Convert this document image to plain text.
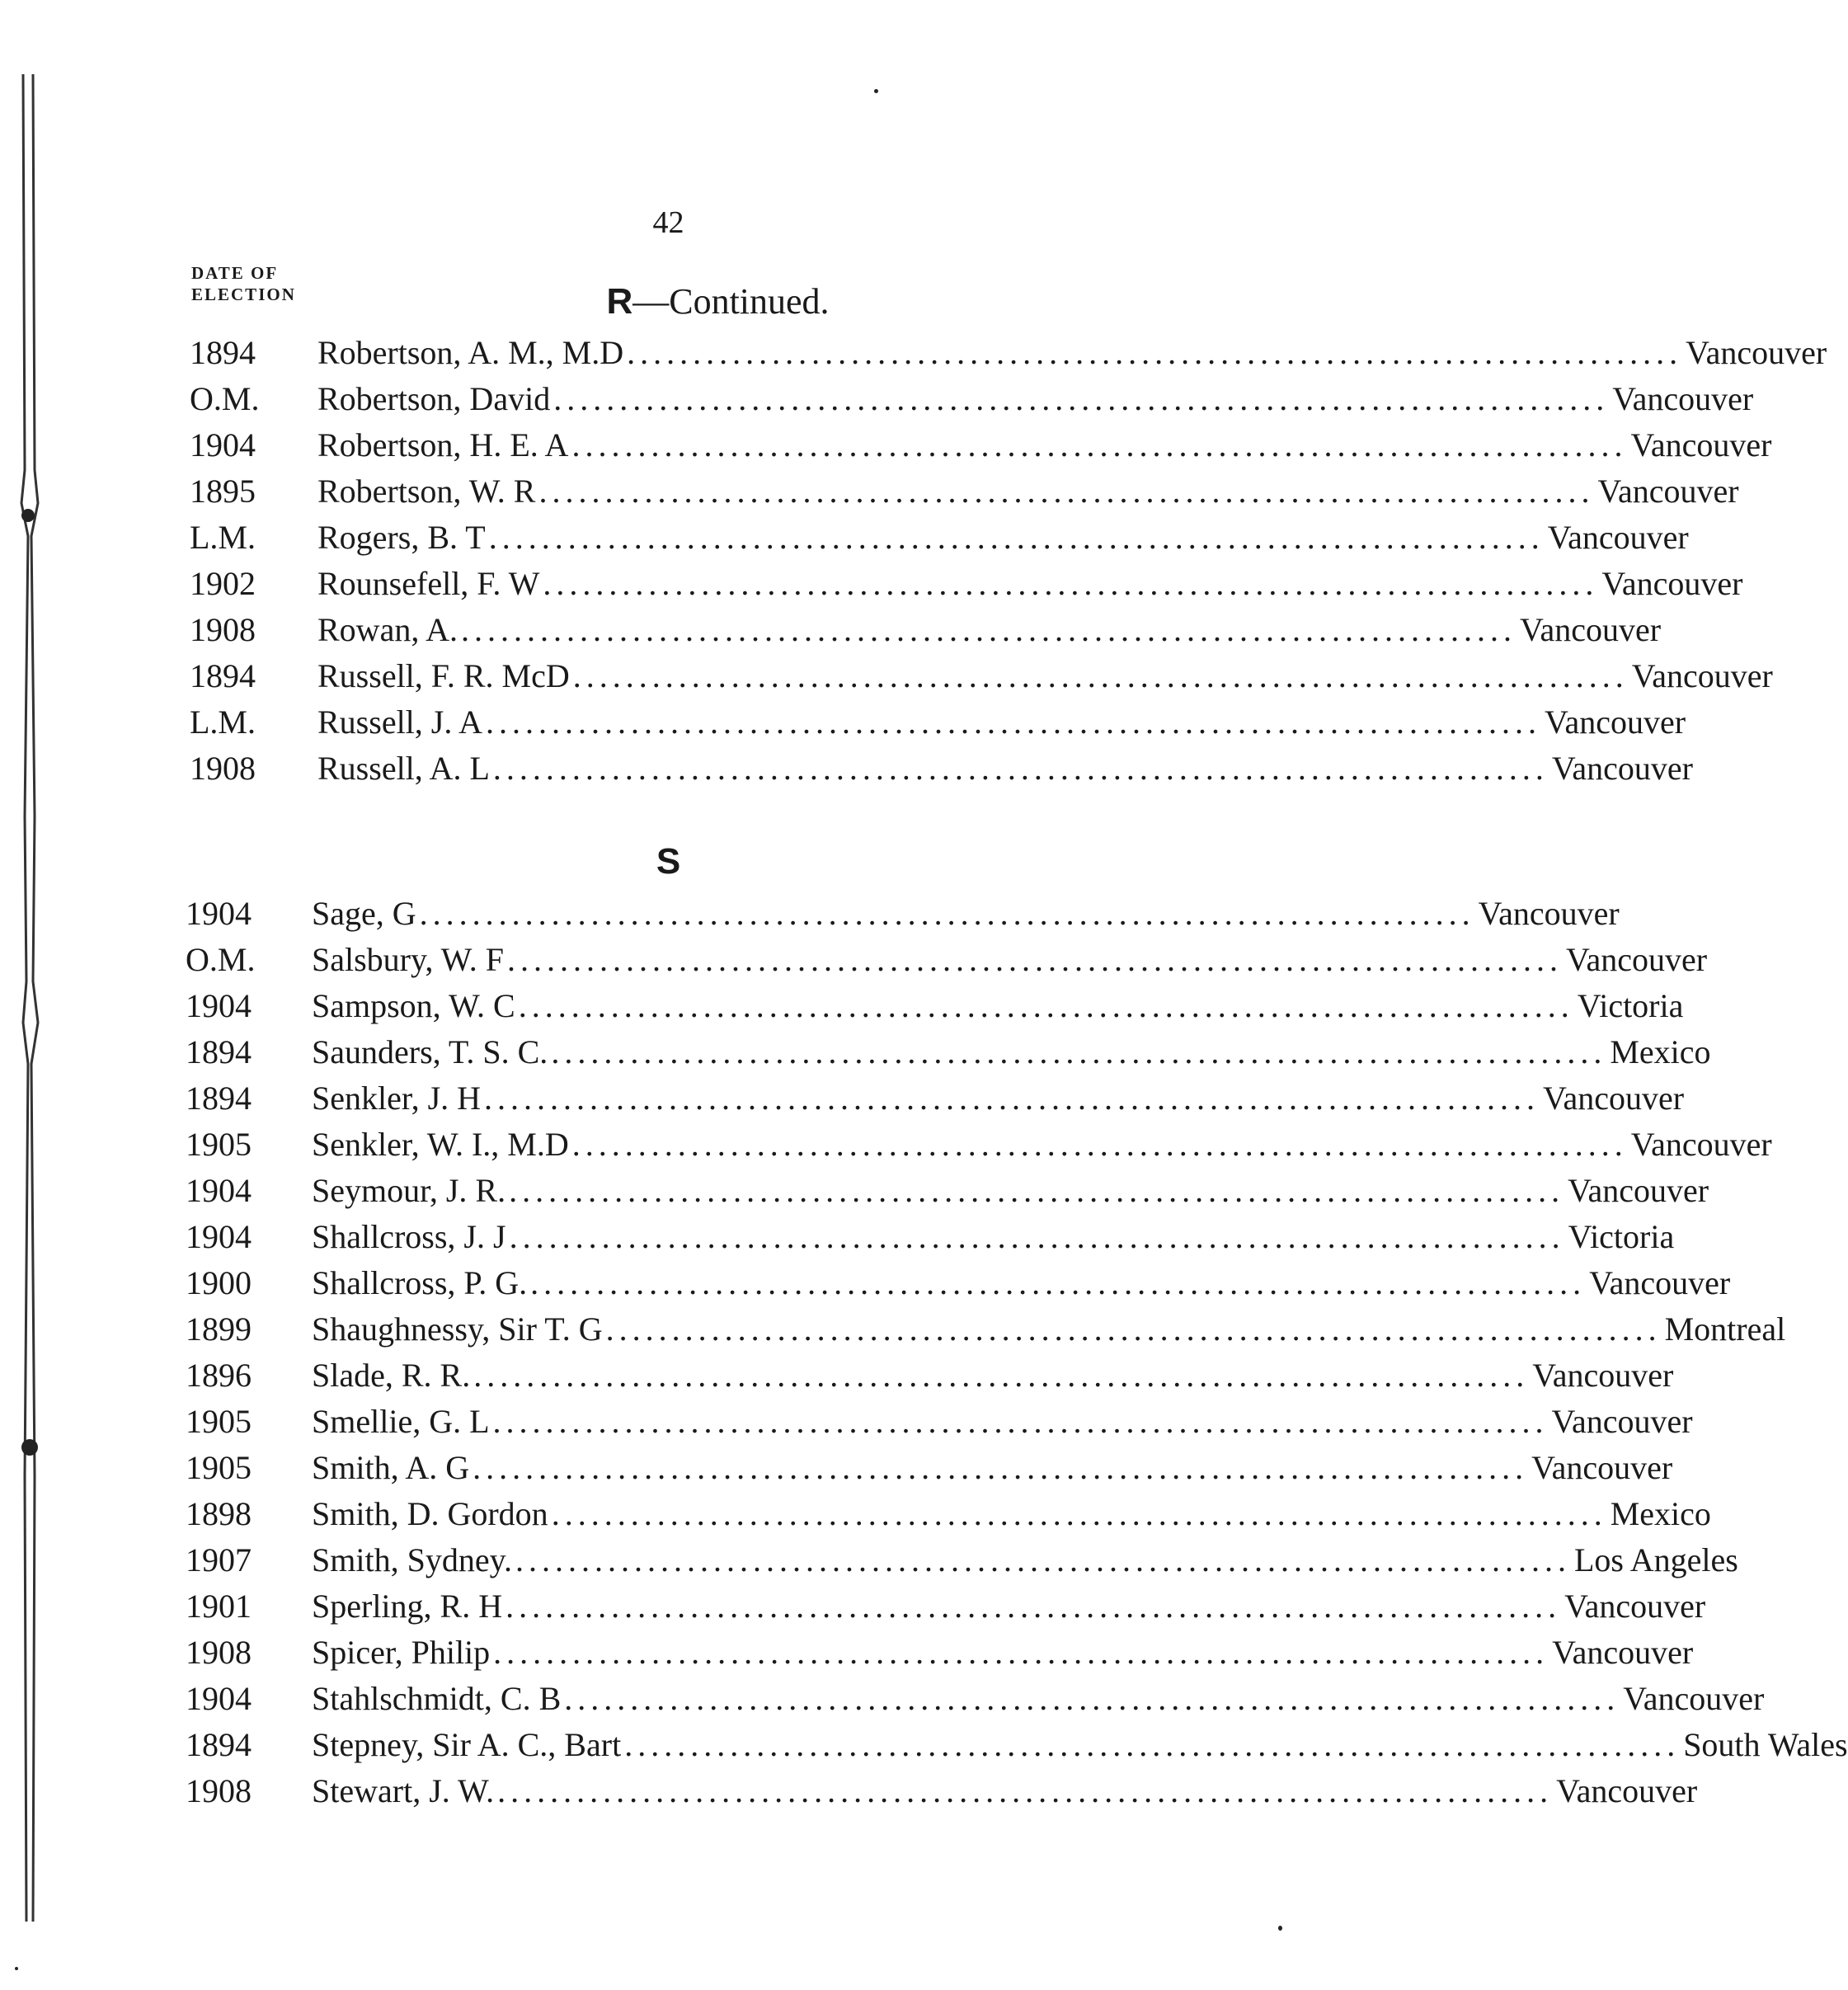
42
DATE OF
ELECTION	R—Continued.
S
1894 Robertson, A. M., M.D ................................................................................ Vancouver
O.M. Robertson, David ................................................................................ Vancouver
1904 Robertson, H. E. A ................................................................................ Vancouver
1895 Robertson, W. R ................................................................................ Vancouver
L.M. Rogers, B. T ................................................................................ Vancouver
1902 Rounsefell, F. W ................................................................................ Vancouver
1908 Rowan, A. ................................................................................ Vancouver
1894 Russell, F. R. McD ................................................................................ Vancouver
L.M. Russell, J. A ................................................................................ Vancouver
1908 Russell, A. L ................................................................................ Vancouver
1904 Sage, G ................................................................................ Vancouver
O.M. Salsbury, W. F ................................................................................ Vancouver
1904 Sampson, W. C ................................................................................ Victoria
1894 Saunders, T. S. C. ................................................................................ Mexico
1894 Senkler, J. H ................................................................................ Vancouver
1905 Senkler, W. I., M.D ................................................................................ Vancouver
1904 Seymour, J. R. ................................................................................ Vancouver
1904 Shallcross, J. J ................................................................................ Victoria
1900 Shallcross, P. G. ................................................................................ Vancouver
1899 Shaughnessy, Sir T. G ................................................................................ Montreal
1896 Slade, R. R. ................................................................................ Vancouver
1905 Smellie, G. L ................................................................................ Vancouver
1905 Smith, A. G ................................................................................ Vancouver
1898 Smith, D. Gordon ................................................................................ Mexico
1907 Smith, Sydney. ................................................................................ Los Angeles
1901 Sperling, R. H ................................................................................ Vancouver
1908 Spicer, Philip ................................................................................ Vancouver
1904 Stahlschmidt, C. B ................................................................................ Vancouver
1894 Stepney, Sir A. C., Bart ................................................................................ South Wales
1908 Stewart, J. W. ................................................................................ Vancouver
